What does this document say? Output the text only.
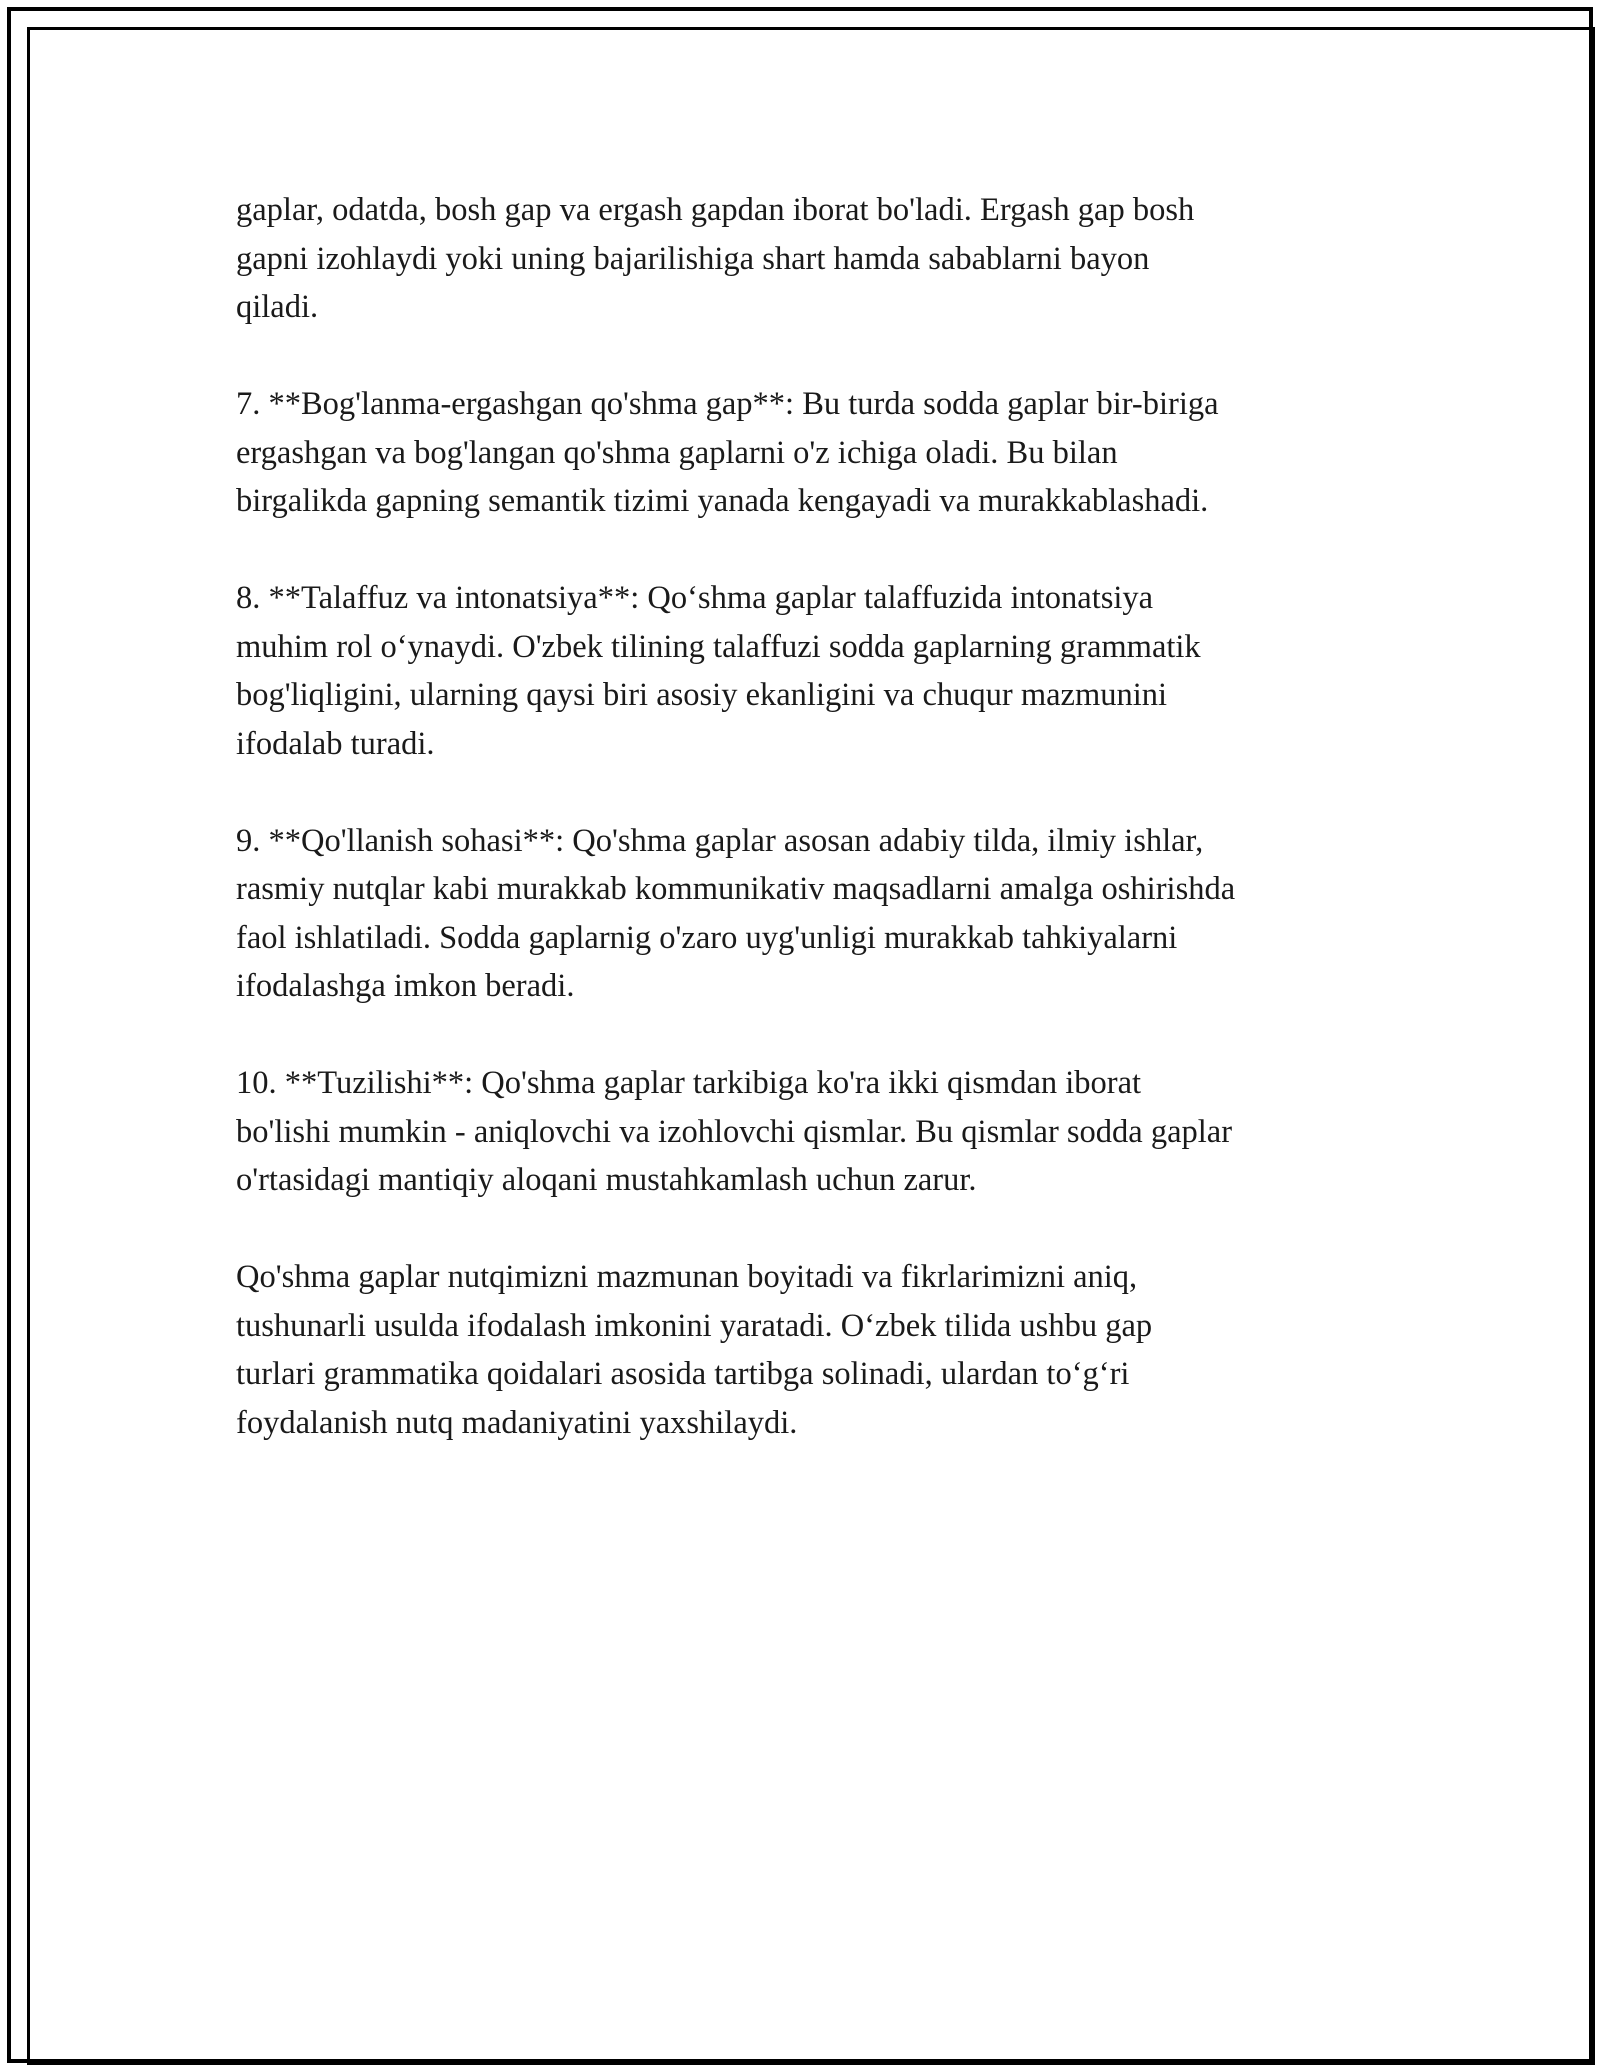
gaplar, odatda, bosh gap va ergash gapdan iborat bo'ladi. Ergash gap bosh
gapni izohlaydi yoki uning bajarilishiga shart hamda sabablarni bayon
qiladi.

7. **Bog'lanma-ergashgan qo'shma gap**: Bu turda sodda gaplar bir-biriga
ergashgan va bog'langan qo'shma gaplarni o'z ichiga oladi. Bu bilan
birgalikda gapning semantik tizimi yanada kengayadi va murakkablashadi.

8. **Talaffuz va intonatsiya**: Qo‘shma gaplar talaffuzida intonatsiya
muhim rol o‘ynaydi. O'zbek tilining talaffuzi sodda gaplarning grammatik
bog'liqligini, ularning qaysi biri asosiy ekanligini va chuqur mazmunini
ifodalab turadi.

9. **Qo'llanish sohasi**: Qo'shma gaplar asosan adabiy tilda, ilmiy ishlar,
rasmiy nutqlar kabi murakkab kommunikativ maqsadlarni amalga oshirishda
faol ishlatiladi. Sodda gaplarnig o'zaro uyg'unligi murakkab tahkiyalarni
ifodalashga imkon beradi.

10. **Tuzilishi**: Qo'shma gaplar tarkibiga ko'ra ikki qismdan iborat
bo'lishi mumkin - aniqlovchi va izohlovchi qismlar. Bu qismlar sodda gaplar
o'rtasidagi mantiqiy aloqani mustahkamlash uchun zarur.

Qo'shma gaplar nutqimizni mazmunan boyitadi va fikrlarimizni aniq,
tushunarli usulda ifodalash imkonini yaratadi. O‘zbek tilida ushbu gap
turlari grammatika qoidalari asosida tartibga solinadi, ulardan to‘g‘ri
foydalanish nutq madaniyatini yaxshilaydi.
